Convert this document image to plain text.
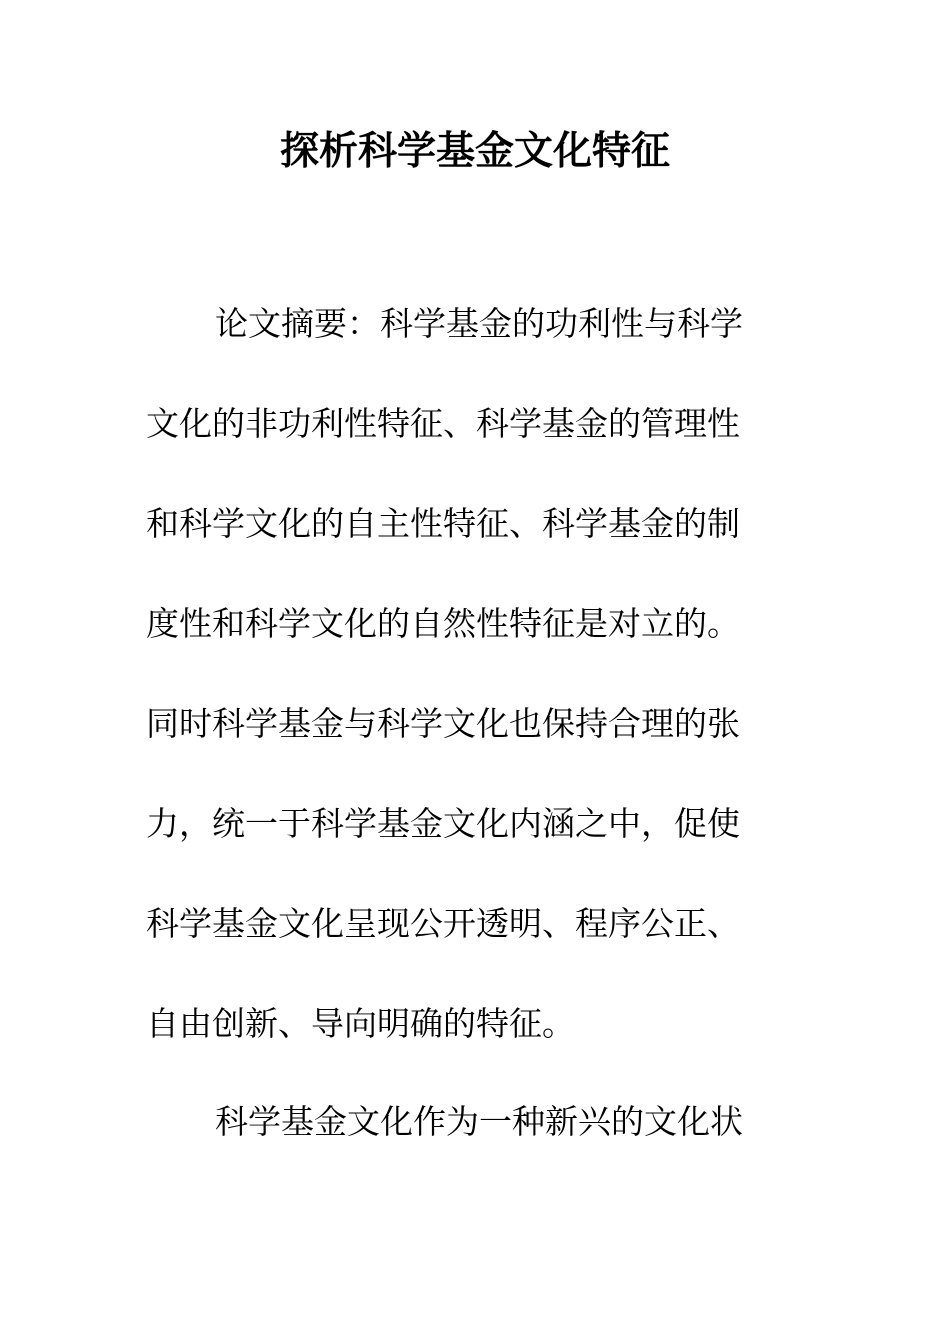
探析科学基金文化特征

论文摘要：科学基金的功利性与科学

文化的非功利性特征、科学基金的管理性

和科学文化的自主性特征、科学基金的制

度性和科学文化的自然性特征是对立的。

同时科学基金与科学文化也保持合理的张

力，统一于科学基金文化内涵之中，促使

科学基金文化呈现公开透明、程序公正、

自由创新、导向明确的特征。

科学基金文化作为一种新兴的文化状
